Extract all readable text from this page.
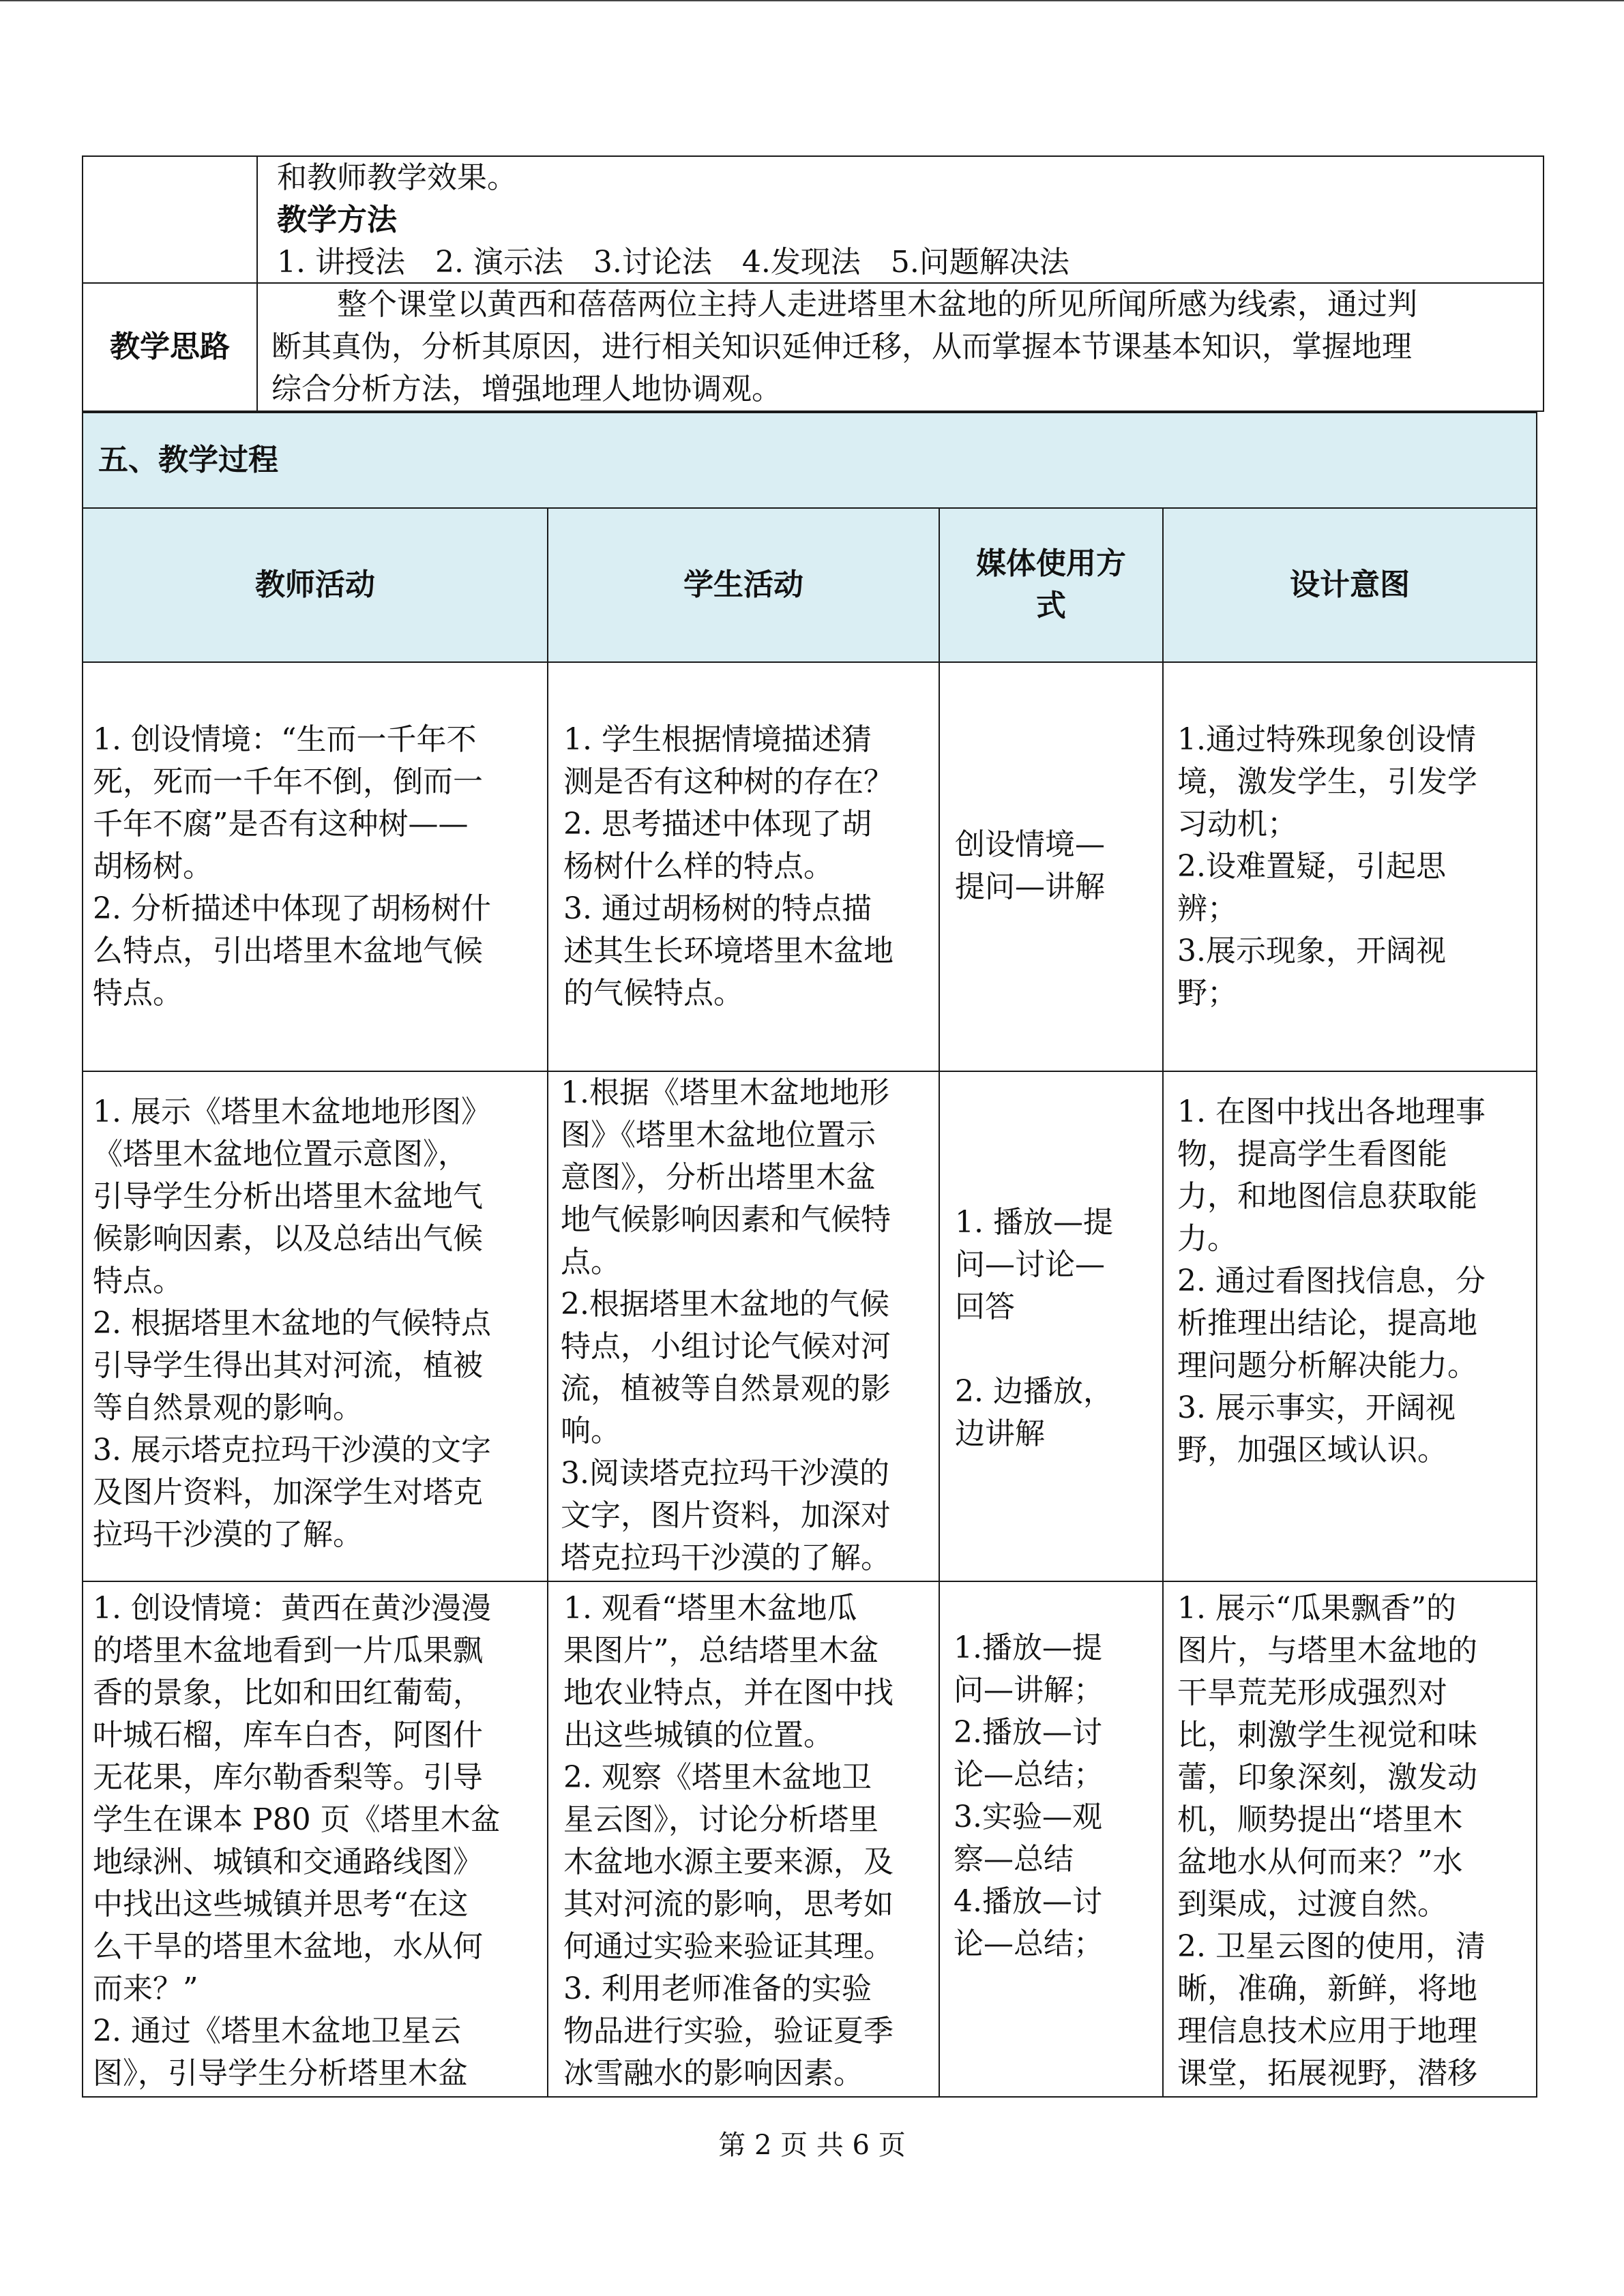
和教师教学效果。
教学方法
1. 讲授法　2. 演示法　3.讨论法　4.发现法　5.问题解决法
教学思路
整个课堂以黄西和蓓蓓两位主持人走进塔里木盆地的所见所闻所感为线索，通过判
断其真伪，分析其原因，进行相关知识延伸迁移，从而掌握本节课基本知识，掌握地理
综合分析方法，增强地理人地协调观。
五、教学过程
教师活动	学生活动
媒体使用方
式
设计意图
1. 创设情境：“生而一千年不
死，死而一千年不倒，倒而一
千年不腐”是否有这种树——
胡杨树。
2. 分析描述中体现了胡杨树什
么特点，引出塔里木盆地气候
特点。
1. 学生根据情境描述猜
测是否有这种树的存在？
2. 思考描述中体现了胡
杨树什么样的特点。
3. 通过胡杨树的特点描
述其生长环境塔里木盆地
的气候特点。
创设情境—
提问—讲解
1.通过特殊现象创设情
境，激发学生，引发学
习动机；
2.设难置疑，引起思
辨；
3.展示现象，开阔视
野；
1. 展示《塔里木盆地地形图》
《塔里木盆地位置示意图》，
引导学生分析出塔里木盆地气
候影响因素，以及总结出气候
特点。
2. 根据塔里木盆地的气候特点
引导学生得出其对河流，植被
等自然景观的影响。
3. 展示塔克拉玛干沙漠的文字
及图片资料，加深学生对塔克
拉玛干沙漠的了解。
1.根据《塔里木盆地地形
图》《塔里木盆地位置示
意图》，分析出塔里木盆
地气候影响因素和气候特
点。
2.根据塔里木盆地的气候
特点，小组讨论气候对河
流，植被等自然景观的影
响。
3.阅读塔克拉玛干沙漠的
文字，图片资料，加深对
塔克拉玛干沙漠的了解。
1. 播放—提
问—讨论—
回答
2. 边播放，
边讲解
1. 在图中找出各地理事
物，提高学生看图能
力，和地图信息获取能
力。
2. 通过看图找信息，分
析推理出结论，提高地
理问题分析解决能力。
3. 展示事实，开阔视
野，加强区域认识。
1. 创设情境：黄西在黄沙漫漫
的塔里木盆地看到一片瓜果飘
香的景象，比如和田红葡萄，
叶城石榴，库车白杏，阿图什
无花果，库尔勒香梨等。引导
学生在课本 P80 页《塔里木盆
地绿洲、城镇和交通路线图》
中找出这些城镇并思考“在这
么干旱的塔里木盆地，水从何
而来？”
2. 通过《塔里木盆地卫星云
图》，引导学生分析塔里木盆
1. 观看“塔里木盆地瓜
果图片”，总结塔里木盆
地农业特点，并在图中找
出这些城镇的位置。
2. 观察《塔里木盆地卫
星云图》，讨论分析塔里
木盆地水源主要来源，及
其对河流的影响，思考如
何通过实验来验证其理。
3. 利用老师准备的实验
物品进行实验，验证夏季
冰雪融水的影响因素。
1.播放—提
问—讲解；
2.播放—讨
论—总结；
3.实验—观
察—总结
4.播放—讨
论—总结；
1. 展示“瓜果飘香”的
图片，与塔里木盆地的
干旱荒芜形成强烈对
比，刺激学生视觉和味
蕾，印象深刻，激发动
机，顺势提出“塔里木
盆地水从何而来？”水
到渠成，过渡自然。
2. 卫星云图的使用，清
晰，准确，新鲜，将地
理信息技术应用于地理
课堂，拓展视野，潜移
第 2 页 共 6 页
